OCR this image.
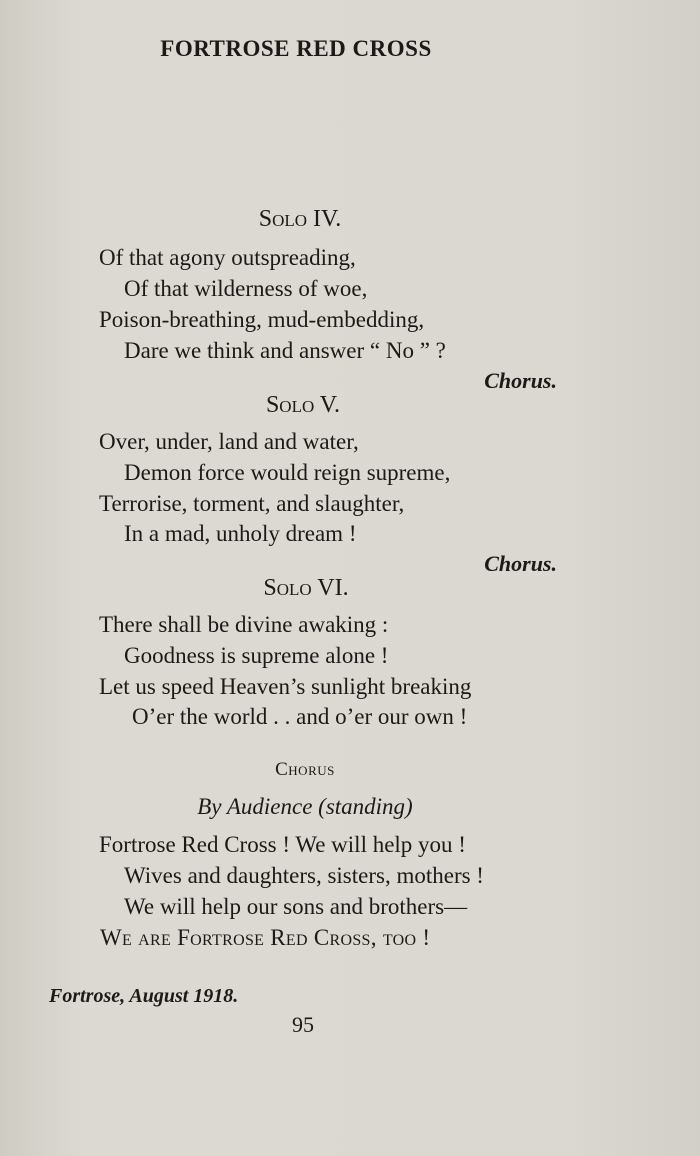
FORTROSE RED CROSS
Solo IV.
Of that agony outspreading,
Of that wilderness of woe,
Poison-breathing, mud-embedding,
Dare we think and answer “ No ” ?
Chorus.
Solo V.
Over, under, land and water,
Demon force would reign supreme,
Terrorise, torment, and slaughter,
In a mad, unholy dream !
Chorus.
Solo VI.
There shall be divine awaking :
Goodness is supreme alone !
Let us speed Heaven’s sunlight breaking
O’er the world . . and o’er our own !
Chorus
By Audience (standing)
Fortrose Red Cross ! We will help you !
Wives and daughters, sisters, mothers !
We will help our sons and brothers—
We are Fortrose Red Cross, too !
Fortrose, August 1918.
95
